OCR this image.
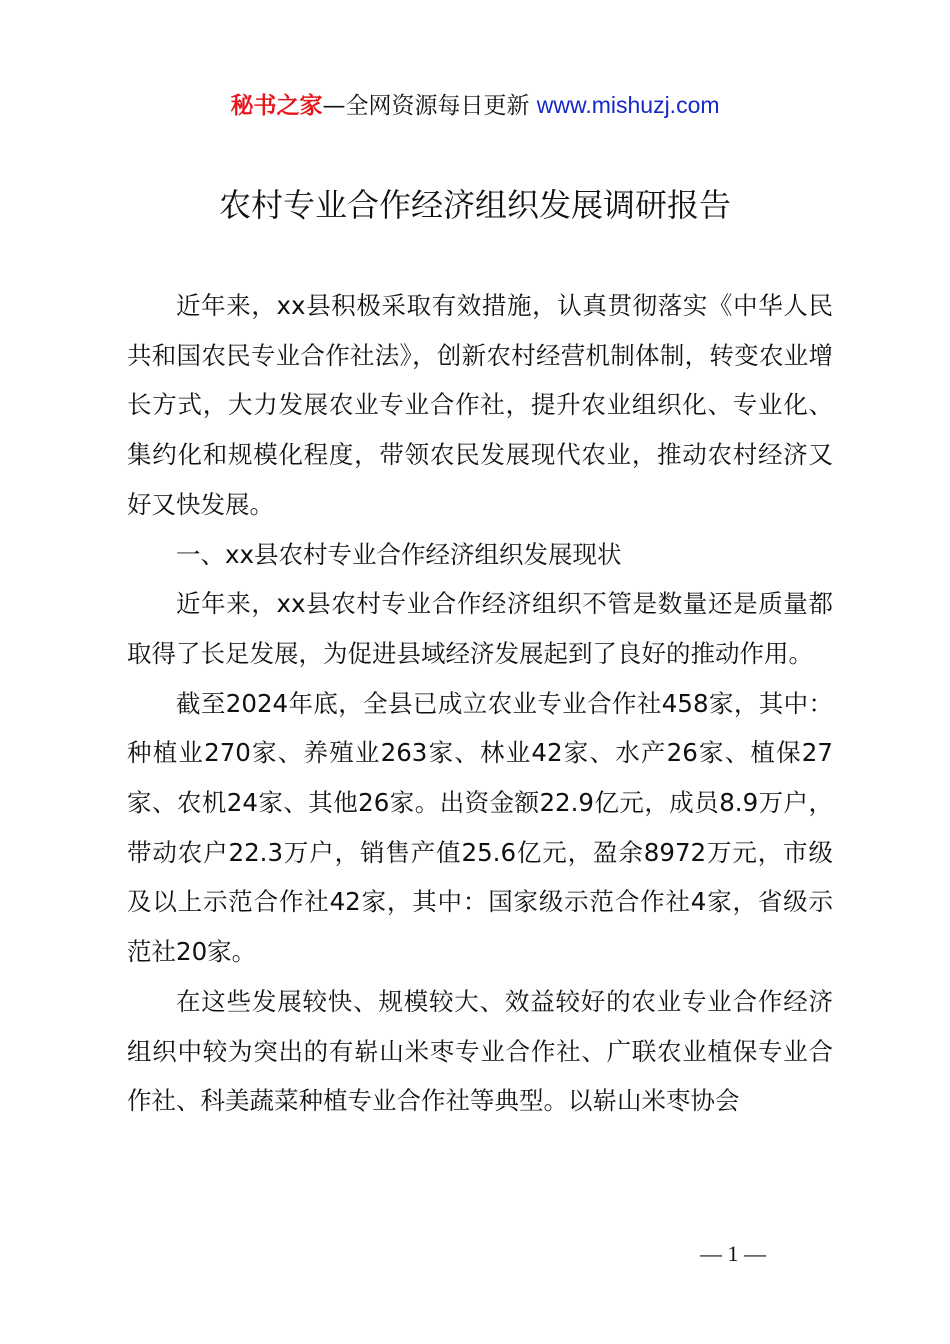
秘书之家—全网资源每日更新 www.mishuzj.com
农村专业合作经济组织发展调研报告

近年来，xx县积极采取有效措施，认真贯彻落实《中华人民共和国农民专业合作社法》，创新农村经营机制体制，转变农业增长方式，大力发展农业专业合作社，提升农业组织化、专业化、集约化和规模化程度，带领农民发展现代农业，推动农村经济又好又快发展。

一、xx县农村专业合作经济组织发展现状

近年来，xx县农村专业合作经济组织不管是数量还是质量都取得了长足发展，为促进县域经济发展起到了良好的推动作用。

截至2024年底，全县已成立农业专业合作社458家，其中：种植业270家、养殖业263家、林业42家、水产26家、植保27家、农机24家、其他26家。出资金额22.9亿元，成员8.9万户，带动农户22.3万户，销售产值25.6亿元，盈余8972万元，市级及以上示范合作社42家，其中：国家级示范合作社4家，省级示范社20家。

在这些发展较快、规模较大、效益较好的农业专业合作经济组织中较为突出的有崭山米枣专业合作社、广联农业植保专业合作社、科美蔬菜种植专业合作社等典型。以崭山米枣协会

— 1 —
